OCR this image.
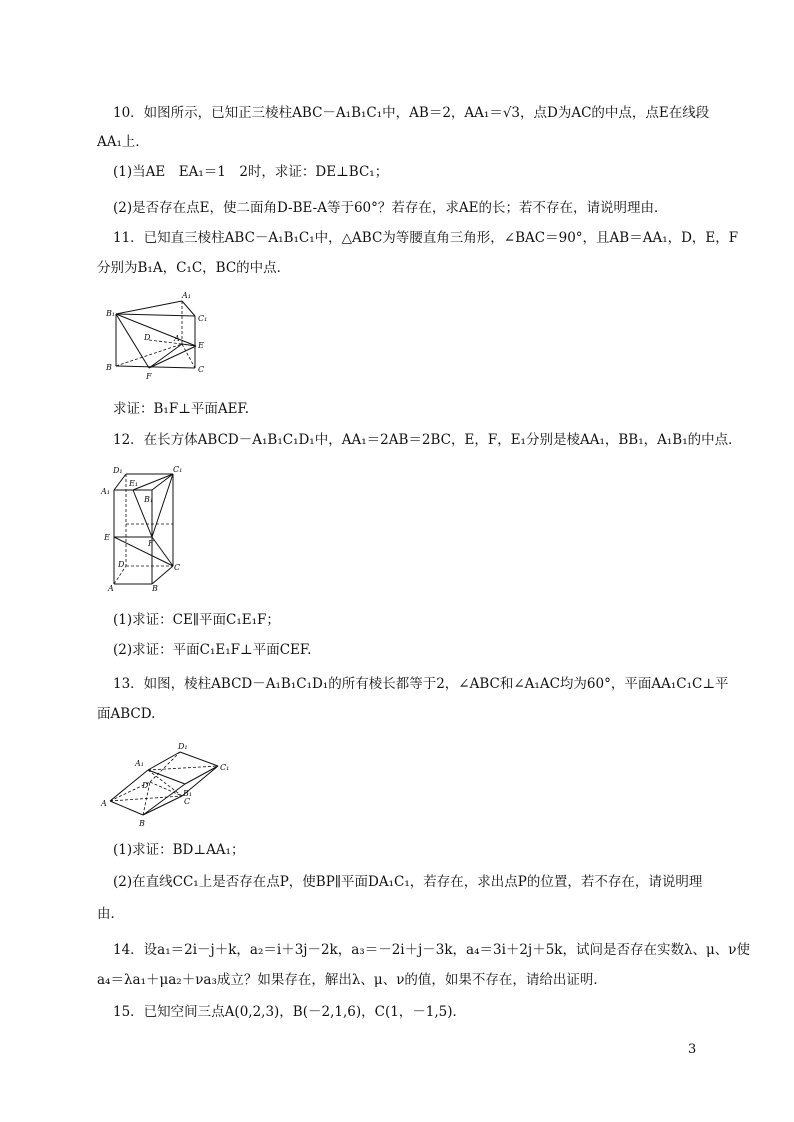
10．如图所示，已知正三棱柱ABC－A₁B₁C₁中，AB＝2，AA₁＝√3，点D为AC的中点，点E在线段
AA₁上．
(1)当AE　EA₁＝1　2时，求证：DE⊥BC₁；
(2)是否存在点E，使二面角D-BE-A等于60°？若存在，求AE的长；若不存在，请说明理由．
11．已知直三棱柱ABC－A₁B₁C₁中，△ABC为等腰直角三角形，∠BAC＝90°，且AB＝AA₁，D，E，F
分别为B₁A，C₁C，BC的中点．
A₁
B₁
C₁
D	A
E
B
F
C
求证：B₁F⊥平面AEF.
12．在长方体ABCD－A₁B₁C₁D₁中，AA₁＝2AB＝2BC，E，F，E₁分别是棱AA₁，BB₁，A₁B₁的中点．
D₁	C₁
E₁
A₁
B₁
E
F
D	C
A	B
(1)求证：CE∥平面C₁E₁F；
(2)求证：平面C₁E₁F⊥平面CEF.
13．如图，棱柱ABCD－A₁B₁C₁D₁的所有棱长都等于2，∠ABC和∠A₁AC均为60°，平面AA₁C₁C⊥平
面ABCD.
D₁
A₁	C₁
D
B₁
A	C
B
(1)求证：BD⊥AA₁；
(2)在直线CC₁上是否存在点P，使BP∥平面DA₁C₁，若存在，求出点P的位置，若不存在，请说明理
由．
14．设a₁＝2i－j＋k，a₂＝i＋3j－2k，a₃＝－2i＋j－3k，a₄＝3i＋2j＋5k，试问是否存在实数λ、μ、ν使
a₄＝λa₁＋μa₂＋νa₃成立？如果存在，解出λ、μ、ν的值，如果不存在，请给出证明．
15．已知空间三点A(0,2,3)，B(－2,1,6)，C(1，－1,5)．
3
